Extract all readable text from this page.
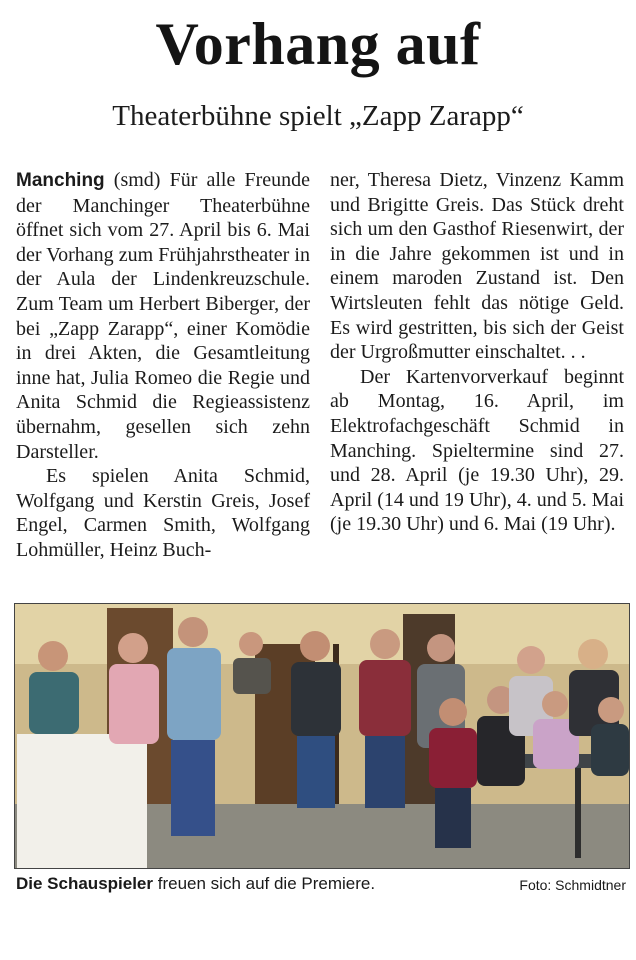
Vorhang auf
Theaterbühne spielt „Zapp Zarapp“

Manching (smd) Für alle Freunde der Manchinger Theaterbühne öffnet sich vom 27. April bis 6. Mai der Vorhang zum Frühjahrstheater in der Aula der Lindenkreuzschule. Zum Team um Herbert Biberger, der bei „Zapp Zarapp“, einer Komödie in drei Akten, die Gesamtleitung inne hat, Julia Romeo die Regie und Anita Schmid die Regieassistenz übernahm, gesellen sich zehn Darsteller.

Es spielen Anita Schmid, Wolfgang und Kerstin Greis, Josef Engel, Carmen Smith, Wolfgang Lohmüller, Heinz Buch-

ner, Theresa Dietz, Vinzenz Kamm und Brigitte Greis. Das Stück dreht sich um den Gasthof Riesenwirt, der in die Jahre gekommen ist und in einem maroden Zustand ist. Den Wirtsleuten fehlt das nötige Geld. Es wird gestritten, bis sich der Geist der Urgroßmutter einschaltet. . .

Der Kartenvorverkauf beginnt ab Montag, 16. April, im Elektrofachgeschäft Schmid in Manching. Spieltermine sind 27. und 28. April (je 19.30 Uhr), 29. April (14 und 19 Uhr), 4. und 5. Mai (je 19.30 Uhr) und 6. Mai (19 Uhr).

Die Schauspieler freuen sich auf die Premiere.	Foto: Schmidtner
